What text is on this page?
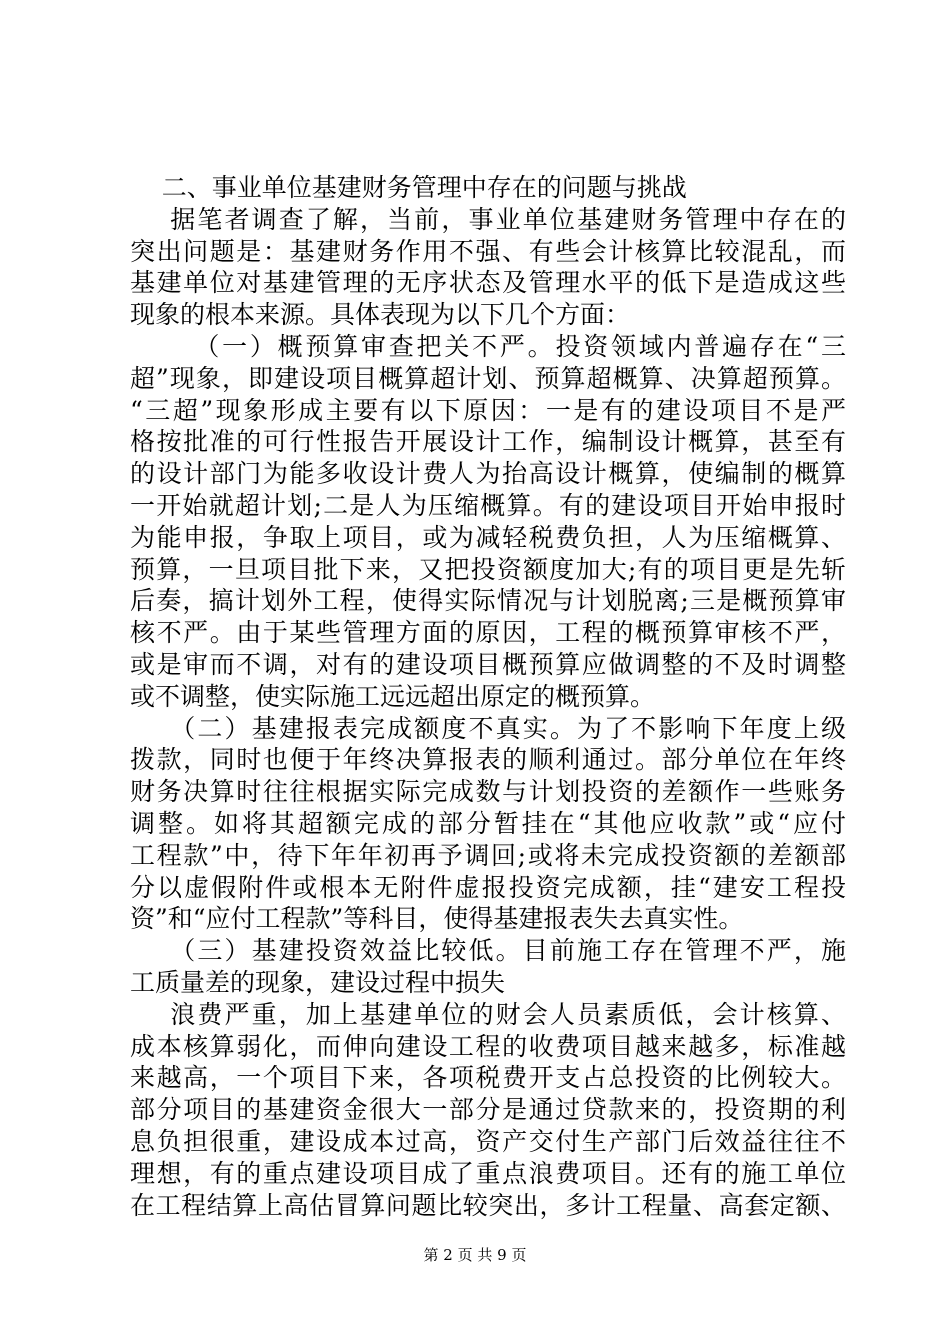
二、事业单位基建财务管理中存在的问题与挑战
据笔者调查了解，当前，事业单位基建财务管理中存在的
突出问题是：基建财务作用不强、有些会计核算比较混乱，而
基建单位对基建管理的无序状态及管理水平的低下是造成这些
现象的根本来源。具体表现为以下几个方面：
（一）概预算审查把关不严。投资领域内普遍存在“三
超”现象，即建设项目概算超计划、预算超概算、决算超预算。
“三超”现象形成主要有以下原因：一是有的建设项目不是严
格按批准的可行性报告开展设计工作，编制设计概算，甚至有
的设计部门为能多收设计费人为抬高设计概算，使编制的概算
一开始就超计划;二是人为压缩概算。有的建设项目开始申报时
为能申报，争取上项目，或为减轻税费负担，人为压缩概算、
预算，一旦项目批下来，又把投资额度加大;有的项目更是先斩
后奏，搞计划外工程，使得实际情况与计划脱离;三是概预算审
核不严。由于某些管理方面的原因，工程的概预算审核不严，
或是审而不调，对有的建设项目概预算应做调整的不及时调整
或不调整，使实际施工远远超出原定的概预算。
（二）基建报表完成额度不真实。为了不影响下年度上级
拨款，同时也便于年终决算报表的顺利通过。部分单位在年终
财务决算时往往根据实际完成数与计划投资的差额作一些账务
调整。如将其超额完成的部分暂挂在“其他应收款”或“应付
工程款”中，待下年年初再予调回;或将未完成投资额的差额部
分以虚假附件或根本无附件虚报投资完成额，挂“建安工程投
资”和“应付工程款”等科目，使得基建报表失去真实性。
（三）基建投资效益比较低。目前施工存在管理不严，施
工质量差的现象，建设过程中损失
浪费严重，加上基建单位的财会人员素质低，会计核算、
成本核算弱化，而伸向建设工程的收费项目越来越多，标准越
来越高，一个项目下来，各项税费开支占总投资的比例较大。
部分项目的基建资金很大一部分是通过贷款来的，投资期的利
息负担很重，建设成本过高，资产交付生产部门后效益往往不
理想，有的重点建设项目成了重点浪费项目。还有的施工单位
在工程结算上高估冒算问题比较突出，多计工程量、高套定额、
第 2 页 共 9 页
